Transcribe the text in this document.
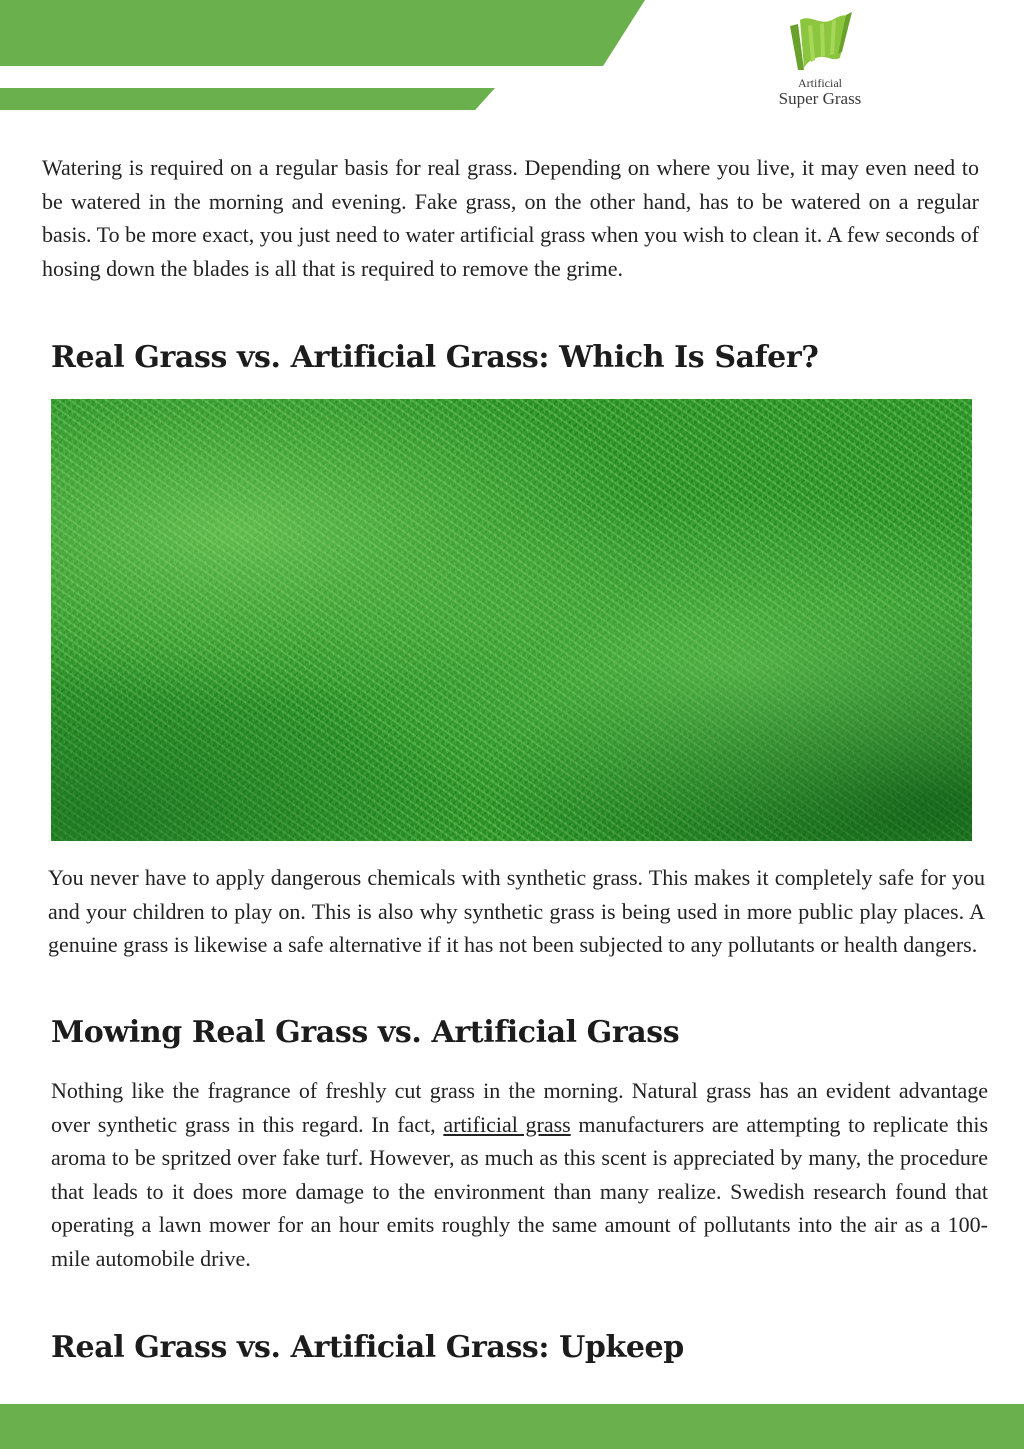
Artificial
Super Grass

Watering is required on a regular basis for real grass. Depending on where you live, it may even need to be watered in the morning and evening. Fake grass, on the other hand, has to be watered on a regular basis. To be more exact, you just need to water artificial grass when you wish to clean it. A few seconds of hosing down the blades is all that is required to remove the grime.

Real Grass vs. Artificial Grass: Which Is Safer?

You never have to apply dangerous chemicals with synthetic grass. This makes it completely safe for you and your children to play on. This is also why synthetic grass is being used in more public play places. A genuine grass is likewise a safe alternative if it has not been subjected to any pollutants or health dangers.

Mowing Real Grass vs. Artificial Grass

Nothing like the fragrance of freshly cut grass in the morning. Natural grass has an evident advantage over synthetic grass in this regard. In fact, artificial grass manufacturers are attempting to replicate this aroma to be spritzed over fake turf. However, as much as this scent is appreciated by many, the procedure that leads to it does more damage to the environment than many realize. Swedish research found that operating a lawn mower for an hour emits roughly the same amount of pollutants into the air as a 100-mile automobile drive.

Real Grass vs. Artificial Grass: Upkeep
